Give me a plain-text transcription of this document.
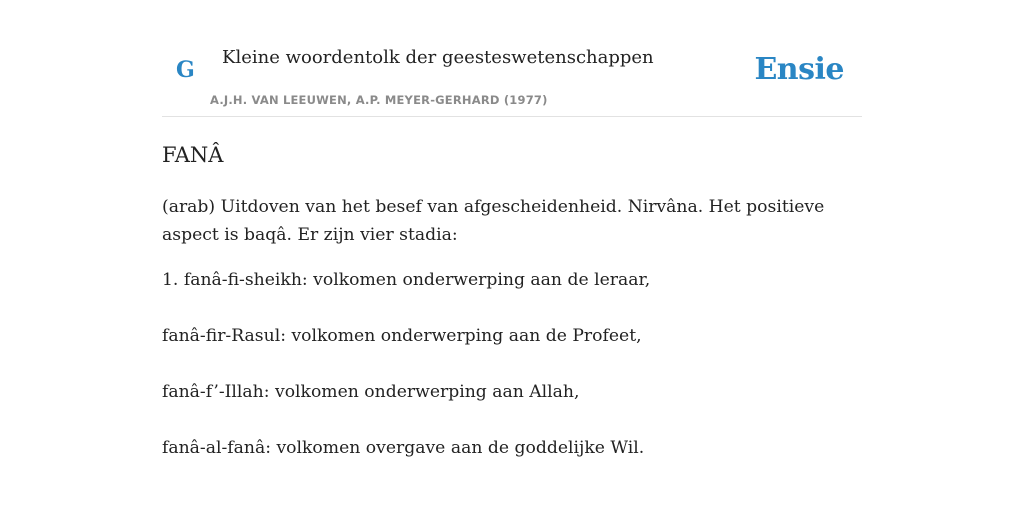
G Kleine woordentolk der geesteswetenschappen
A.J.H. VAN LEEUWEN, A.P. MEYER-GERHARD (1977)
Ensie
FANÂ

(arab) Uitdoven van het besef van afgescheidenheid. Nirvâna. Het positieve aspect is baqâ. Er zijn vier stadia:

1. fanâ-fi-sheikh: volkomen onderwerping aan de leraar,
fanâ-fir-Rasul: volkomen onderwerping aan de Profeet,
fanâ-f’-Illah: volkomen onderwerping aan Allah,
fanâ-al-fanâ: volkomen overgave aan de goddelijke Wil.
